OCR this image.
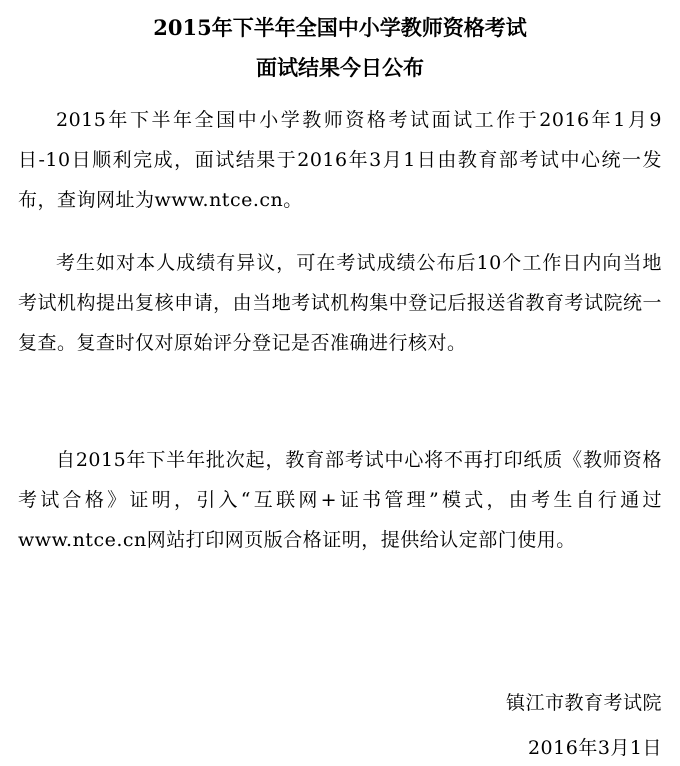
2015年下半年全国中小学教师资格考试
面试结果今日公布

2015年下半年全国中小学教师资格考试面试工作于2016年1月9日-10日顺利完成，面试结果于2016年3月1日由教育部考试中心统一发布，查询网址为www.ntce.cn。

考生如对本人成绩有异议，可在考试成绩公布后10个工作日内向当地考试机构提出复核申请，由当地考试机构集中登记后报送省教育考试院统一复查。复查时仅对原始评分登记是否准确进行核对。

自2015年下半年批次起，教育部考试中心将不再打印纸质《教师资格考试合格》证明，引入“互联网+证书管理”模式，由考生自行通过www.ntce.cn网站打印网页版合格证明，提供给认定部门使用。

镇江市教育考试院
2016年3月1日
